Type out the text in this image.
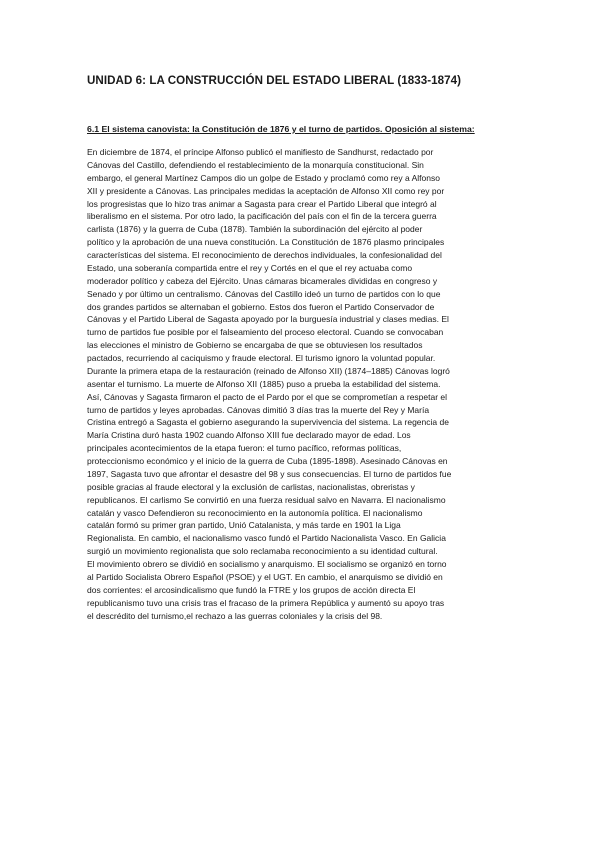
UNIDAD 6: LA CONSTRUCCIÓN DEL ESTADO LIBERAL (1833-1874)
6.1 El sistema canovista: la Constitución de 1876 y el turno de partidos. Oposición al sistema:
En diciembre de 1874, el príncipe Alfonso publicó el manifiesto de Sandhurst, redactado por
Cánovas del Castillo, defendiendo el restablecimiento de la monarquía constitucional. Sin
embargo, el general Martínez Campos dio un golpe de Estado y proclamó como rey a Alfonso
XII y presidente a Cánovas. Las principales medidas la aceptación de Alfonso XII como rey por
los progresistas que lo hizo tras animar a Sagasta para crear el Partido Liberal que integró al
liberalismo en el sistema. Por otro lado, la pacificación del país con el fin de la tercera guerra
carlista (1876) y la guerra de Cuba (1878). También la subordinación del ejército al poder
político y la aprobación de una nueva constitución. La Constitución de 1876 plasmo principales
características del sistema. El reconocimiento de derechos individuales, la confesionalidad del
Estado, una soberanía compartida entre el rey y Cortés en el que el rey actuaba como
moderador político y cabeza del Ejército. Unas cámaras bicamerales divididas en congreso y
Senado y por último un centralismo. Cánovas del Castillo ideó un turno de partidos con lo que
dos grandes partidos se alternaban el gobierno. Estos dos fueron el Partido Conservador de
Cánovas y el Partido Liberal de Sagasta apoyado por la burguesía industrial y clases medias. El
turno de partidos fue posible por el falseamiento del proceso electoral. Cuando se convocaban
las elecciones el ministro de Gobierno se encargaba de que se obtuviesen los resultados
pactados, recurriendo al caciquismo y fraude electoral. El turismo ignoro la voluntad popular.
Durante la primera etapa de la restauración (reinado de Alfonso XII) (1874–1885) Cánovas logró
asentar el turnismo. La muerte de Alfonso XII (1885) puso a prueba la estabilidad del sistema.
Así, Cánovas y Sagasta firmaron el pacto de el Pardo por el que se comprometían a respetar el
turno de partidos y leyes aprobadas. Cánovas dimitió 3 días tras la muerte del Rey y María
Cristina entregó a Sagasta el gobierno asegurando la supervivencia del sistema. La regencia de
María Cristina duró hasta 1902 cuando Alfonso XIII fue declarado mayor de edad. Los
principales acontecimientos de la etapa fueron: el turno pacífico, reformas políticas,
proteccionismo económico y el inicio de la guerra de Cuba (1895-1898). Asesinado Cánovas en
1897, Sagasta tuvo que afrontar el desastre del 98 y sus consecuencias. El turno de partidos fue
posible gracias al fraude electoral y la exclusión de carlistas, nacionalistas, obreristas y
republicanos. El carlismo Se convirtió en una fuerza residual salvo en Navarra. El nacionalismo
catalán y vasco Defendieron su reconocimiento en la autonomía política. El nacionalismo
catalán formó su primer gran partido, Unió Catalanista, y más tarde en 1901 la Liga
Regionalista. En cambio, el nacionalismo vasco fundó el Partido Nacionalista Vasco. En Galicia
surgió un movimiento regionalista que solo reclamaba reconocimiento a su identidad cultural.
El movimiento obrero se dividió en socialismo y anarquismo. El socialismo se organizó en torno
al Partido Socialista Obrero Español (PSOE) y el UGT. En cambio, el anarquismo se dividió en
dos corrientes: el arcosindicalismo que fundó la FTRE y los grupos de acción directa El
republicanismo tuvo una crisis tras el fracaso de la primera República y aumentó su apoyo tras
el descrédito del turnismo,el rechazo a las guerras coloniales y la crisis del 98.
